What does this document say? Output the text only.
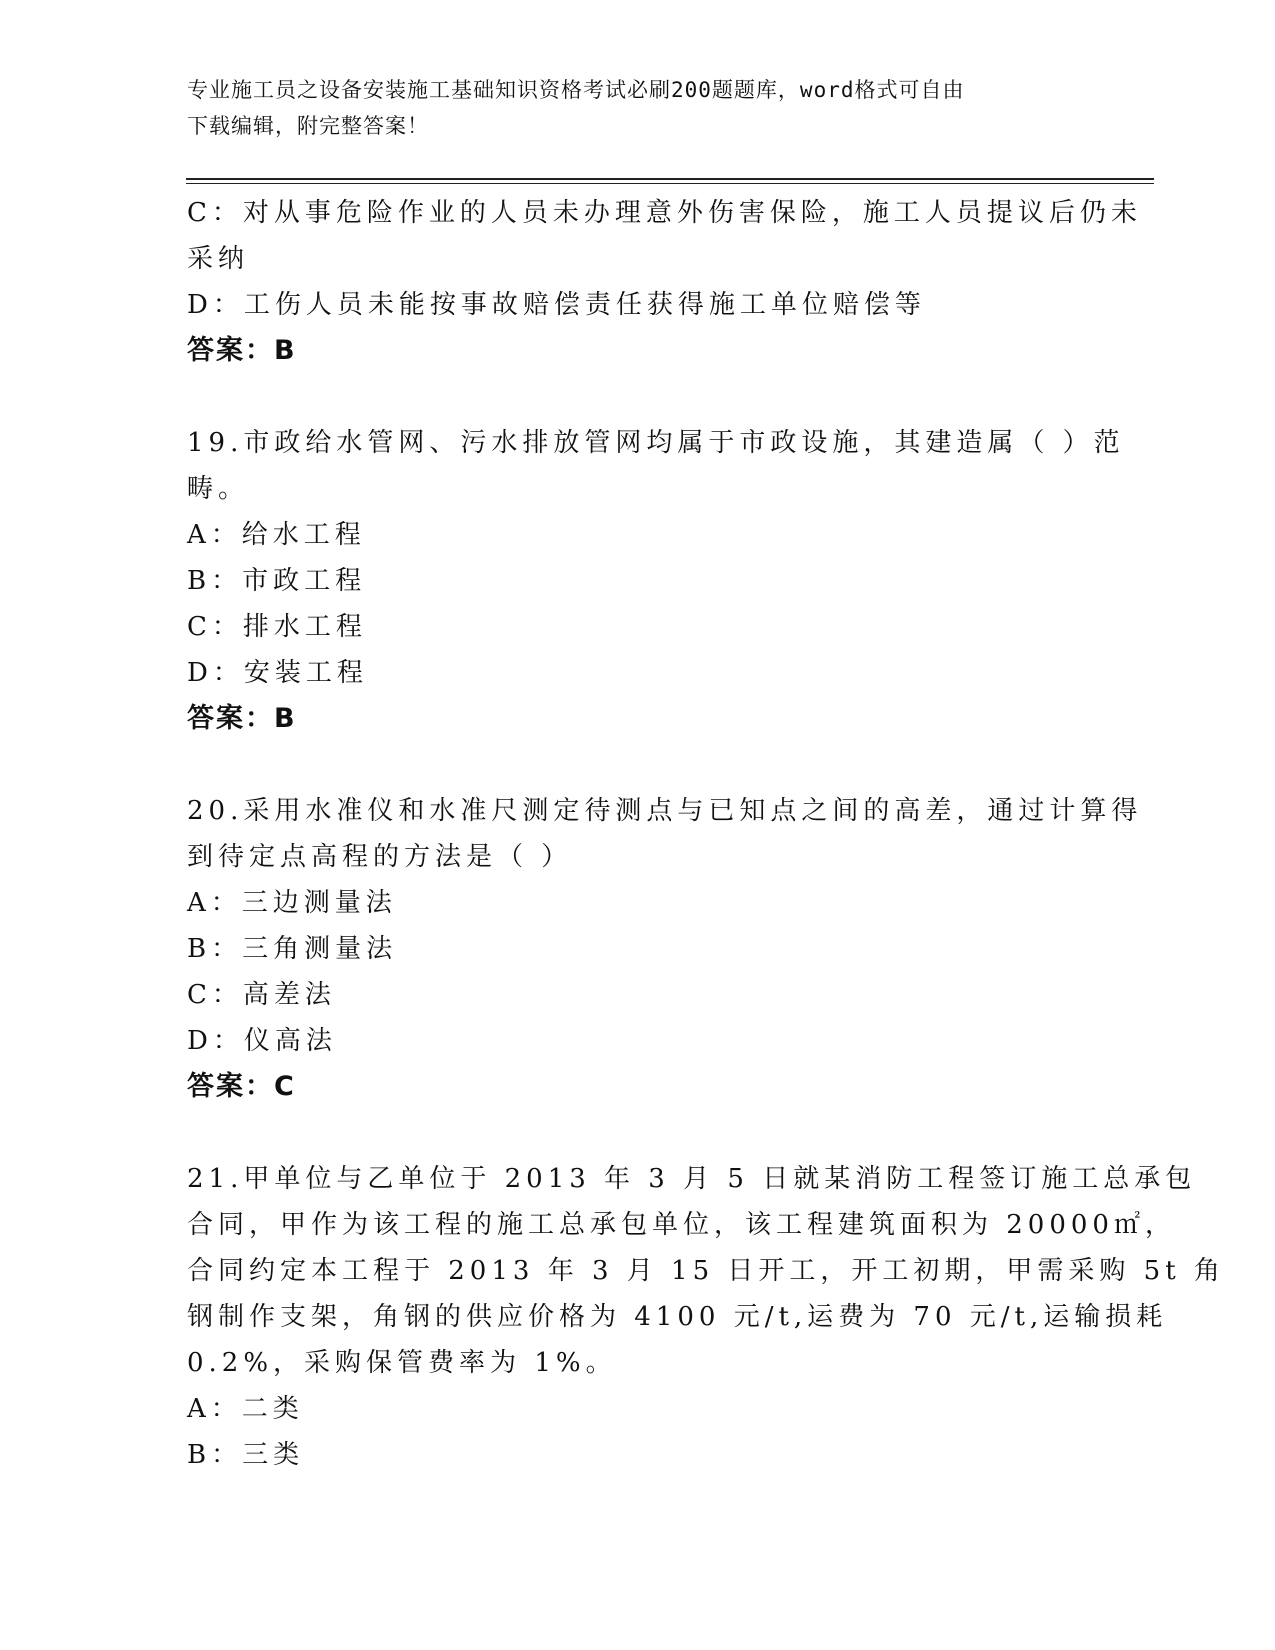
专业施工员之设备安装施工基础知识资格考试必刷200题题库，word格式可自由
下载编辑，附完整答案！
C：对从事危险作业的人员未办理意外伤害保险，施工人员提议后仍未
采纳
D：工伤人员未能按事故赔偿责任获得施工单位赔偿等
答案：B
19.市政给水管网、污水排放管网均属于市政设施，其建造属（ ）范
畴。
A：给水工程
B：市政工程
C：排水工程
D：安装工程
答案：B
20.采用水准仪和水准尺测定待测点与已知点之间的高差，通过计算得
到待定点高程的方法是（ ）
A：三边测量法
B：三角测量法
C：高差法
D：仪高法
答案：C
21.甲单位与乙单位于 2013 年 3 月 5 日就某消防工程签订施工总承包
合同，甲作为该工程的施工总承包单位，该工程建筑面积为 20000㎡，
合同约定本工程于 2013 年 3 月 15 日开工，开工初期，甲需采购 5t 角
钢制作支架，角钢的供应价格为 4100 元/t,运费为 70 元/t,运输损耗
0.2%，采购保管费率为 1%。
A：二类
B：三类
